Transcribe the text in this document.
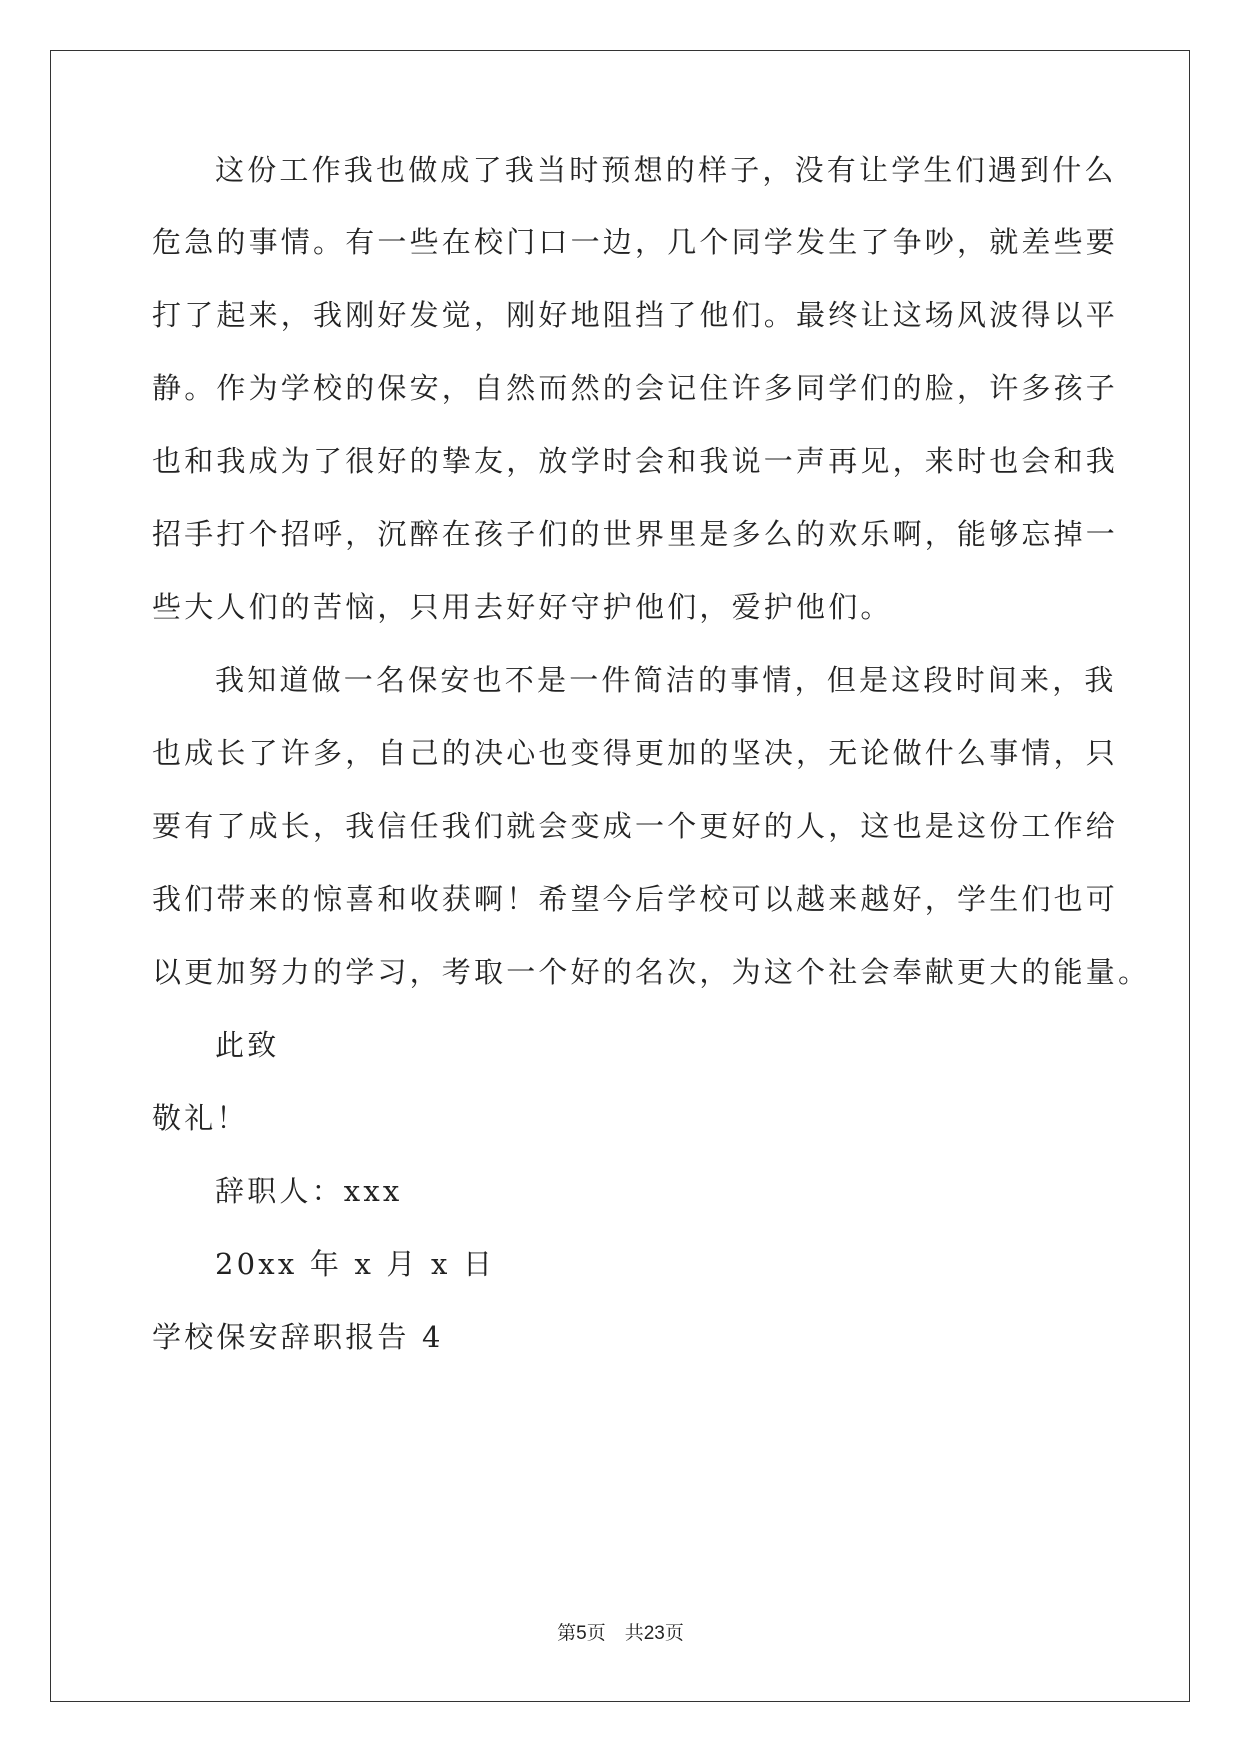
这份工作我也做成了我当时预想的样子，没有让学生们遇到什么
危急的事情。有一些在校门口一边，几个同学发生了争吵，就差些要
打了起来，我刚好发觉，刚好地阻挡了他们。最终让这场风波得以平
静。作为学校的保安，自然而然的会记住许多同学们的脸，许多孩子
也和我成为了很好的挚友，放学时会和我说一声再见，来时也会和我
招手打个招呼，沉醉在孩子们的世界里是多么的欢乐啊，能够忘掉一
些大人们的苦恼，只用去好好守护他们，爱护他们。
我知道做一名保安也不是一件简洁的事情，但是这段时间来，我
也成长了许多，自己的决心也变得更加的坚决，无论做什么事情，只
要有了成长，我信任我们就会变成一个更好的人，这也是这份工作给
我们带来的惊喜和收获啊！希望今后学校可以越来越好，学生们也可
以更加努力的学习，考取一个好的名次，为这个社会奉献更大的能量。
此致
敬礼！
辞职人：xxx
20xx 年 x 月 x 日
学校保安辞职报告 4
第5页 共23页
